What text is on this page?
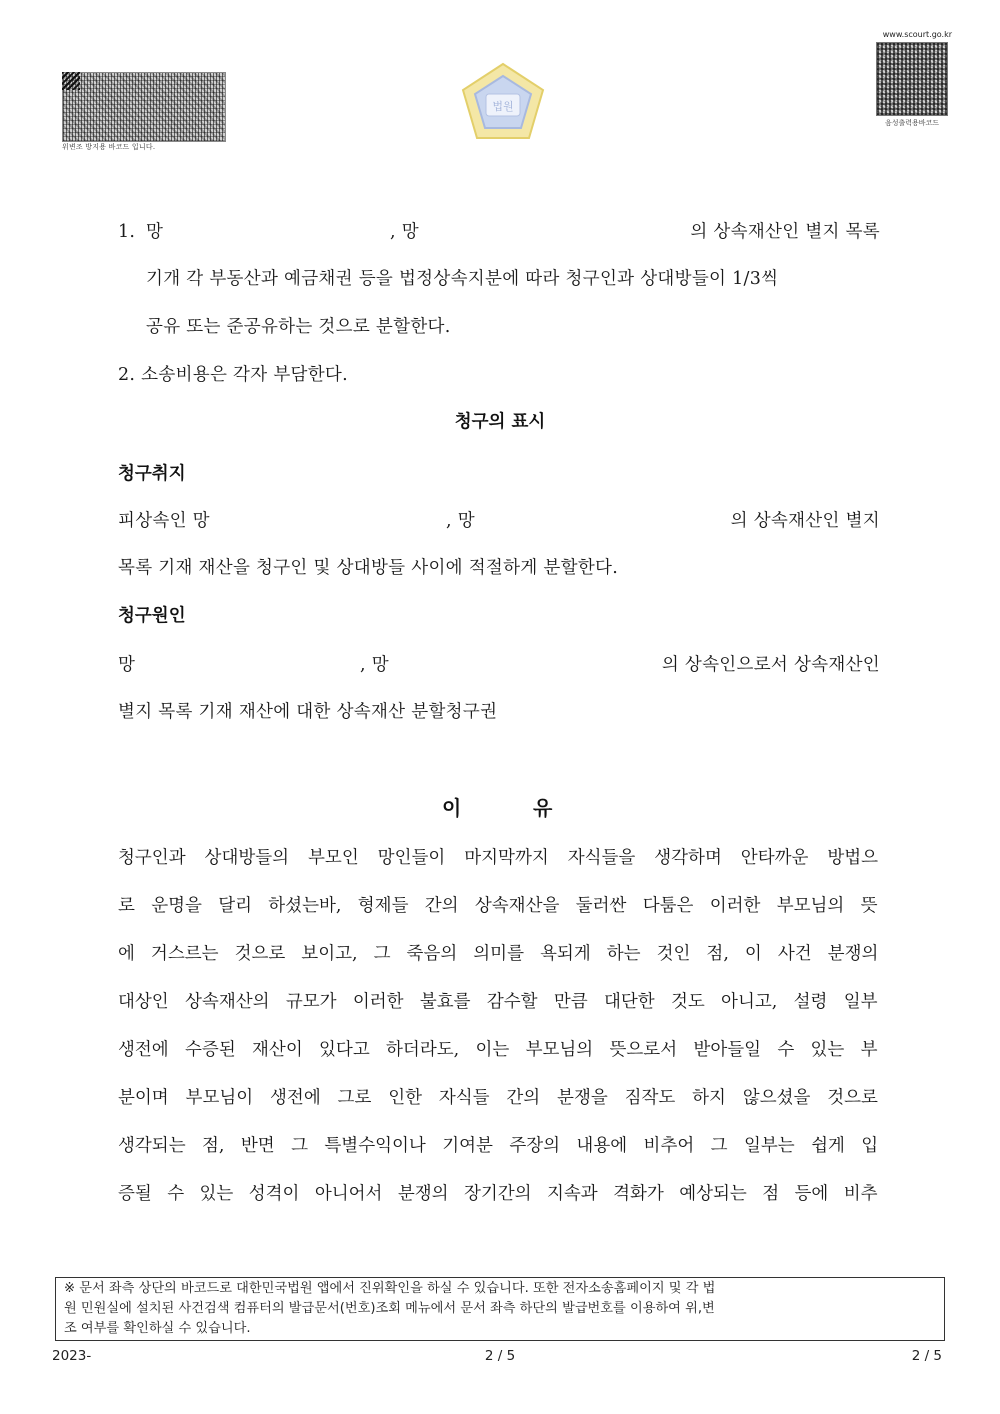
위변조 방지용 바코드 입니다.
법원
www.scourt.go.kr
음성출력용바코드
1. 망	, 망	의 상속재산인 별지 목록
기개 각 부동산과 예금채권 등을 법정상속지분에 따라 청구인과 상대방들이 1/3씩
공유 또는 준공유하는 것으로 분할한다.
2. 소송비용은 각자 부담한다.
청구의 표시
청구취지
피상속인 망	, 망	의 상속재산인 별지
목록 기재 재산을 청구인 및 상대방들 사이에 적절하게 분할한다.
청구원인
망	, 망	의 상속인으로서 상속재산인
별지 목록 기재 재산에 대한 상속재산 분할청구권
이	유
청구인과 상대방들의 부모인 망인들이 마지막까지 자식들을 생각하며 안타까운 방법으
로 운명을 달리 하셨는바, 형제들 간의 상속재산을 둘러싼 다툼은 이러한 부모님의 뜻
에 거스르는 것으로 보이고, 그 죽음의 의미를 욕되게 하는 것인 점, 이 사건 분쟁의
대상인 상속재산의 규모가 이러한 불효를 감수할 만큼 대단한 것도 아니고, 설령 일부
생전에 수증된 재산이 있다고 하더라도, 이는 부모님의 뜻으로서 받아들일 수 있는 부
분이며 부모님이 생전에 그로 인한 자식들 간의 분쟁을 짐작도 하지 않으셨을 것으로
생각되는 점, 반면 그 특별수익이나 기여분 주장의 내용에 비추어 그 일부는 쉽게 입
증될 수 있는 성격이 아니어서 분쟁의 장기간의 지속과 격화가 예상되는 점 등에 비추
※ 문서 좌측 상단의 바코드로 대한민국법원 앱에서 진위확인을 하실 수 있습니다. 또한 전자소송홈페이지 및 각 법
원 민원실에 설치된 사건검색 컴퓨터의 발급문서(번호)조회 메뉴에서 문서 좌측 하단의 발급번호를 이용하여 위,변
조 여부를 확인하실 수 있습니다.
2023-	2 / 5	2 / 5
